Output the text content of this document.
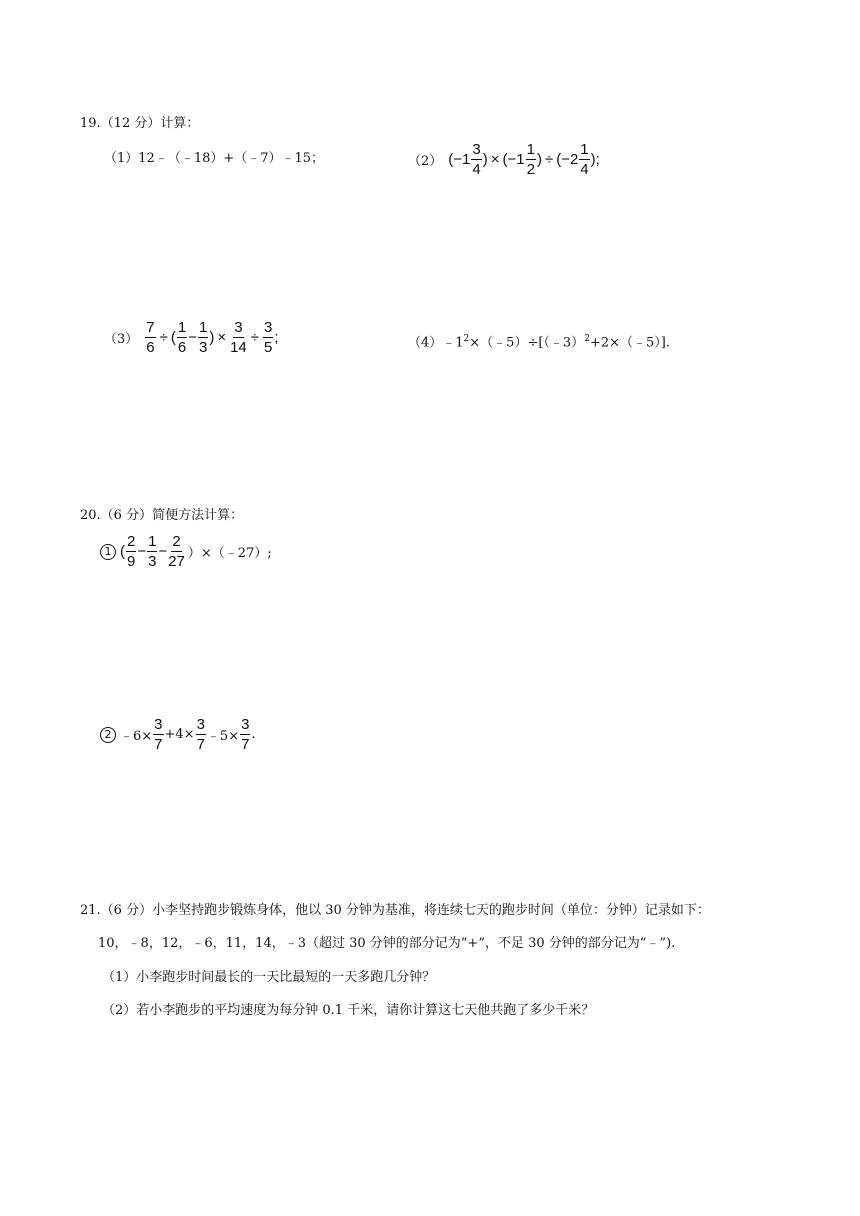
19.（12 分）计算：
（1）12﹣（﹣18）+（﹣7）﹣15；	（2） (− $1 \frac{3}{4}$ ) × (− $1 \frac{1}{2}$ ) ÷ (− $2 \frac{1}{4}$ ) ;
$(3) \frac{7}{6}$ ÷ ( $\frac{1}{6} - \frac{1}{3}$ ) × $\frac{3}{14} \div \frac{3}{5}$ ;	$(4)﹣1^2\times(﹣5)\div[(﹣3)^2+2\times(﹣5)]$.
20.（6 分）简便方法计算：
1 ( $\frac{2}{9} - \frac{1}{3} - \frac{2}{27}$ ）×（﹣27）;
2 ﹣6× $\frac{3}{7} +4\times \frac{3}{7}$ ﹣5× $\frac{3}{7}$ .
21.（6 分）小李坚持跑步锻炼身体，他以 30 分钟为基准，将连续七天的跑步时间（单位：分钟）记录如下：
10，﹣8，12，﹣6，11，14，﹣3（超过 30 分钟的部分记为“+”，不足 30 分钟的部分记为“﹣”).
（1）小李跑步时间最长的一天比最短的一天多跑几分钟？
（2）若小李跑步的平均速度为每分钟 0.1 千米，请你计算这七天他共跑了多少千米？
